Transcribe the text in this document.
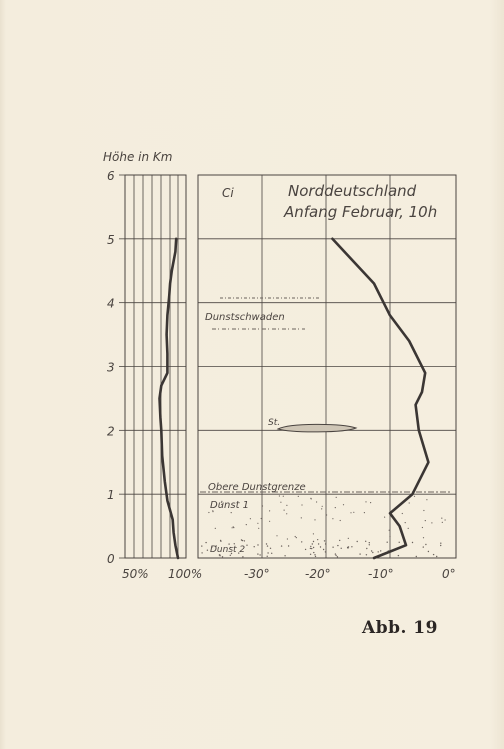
0
1
2
3
4
5
6
Höhe in Km
50% 100%
Ci	Norddeutschland
Anfang Februar, 10h
Dunstschwaden
St.
Obere Dunstgrenze
Dunst 1
Dunst 2
-30°	-20°	-10°	0°
Abb. 19
